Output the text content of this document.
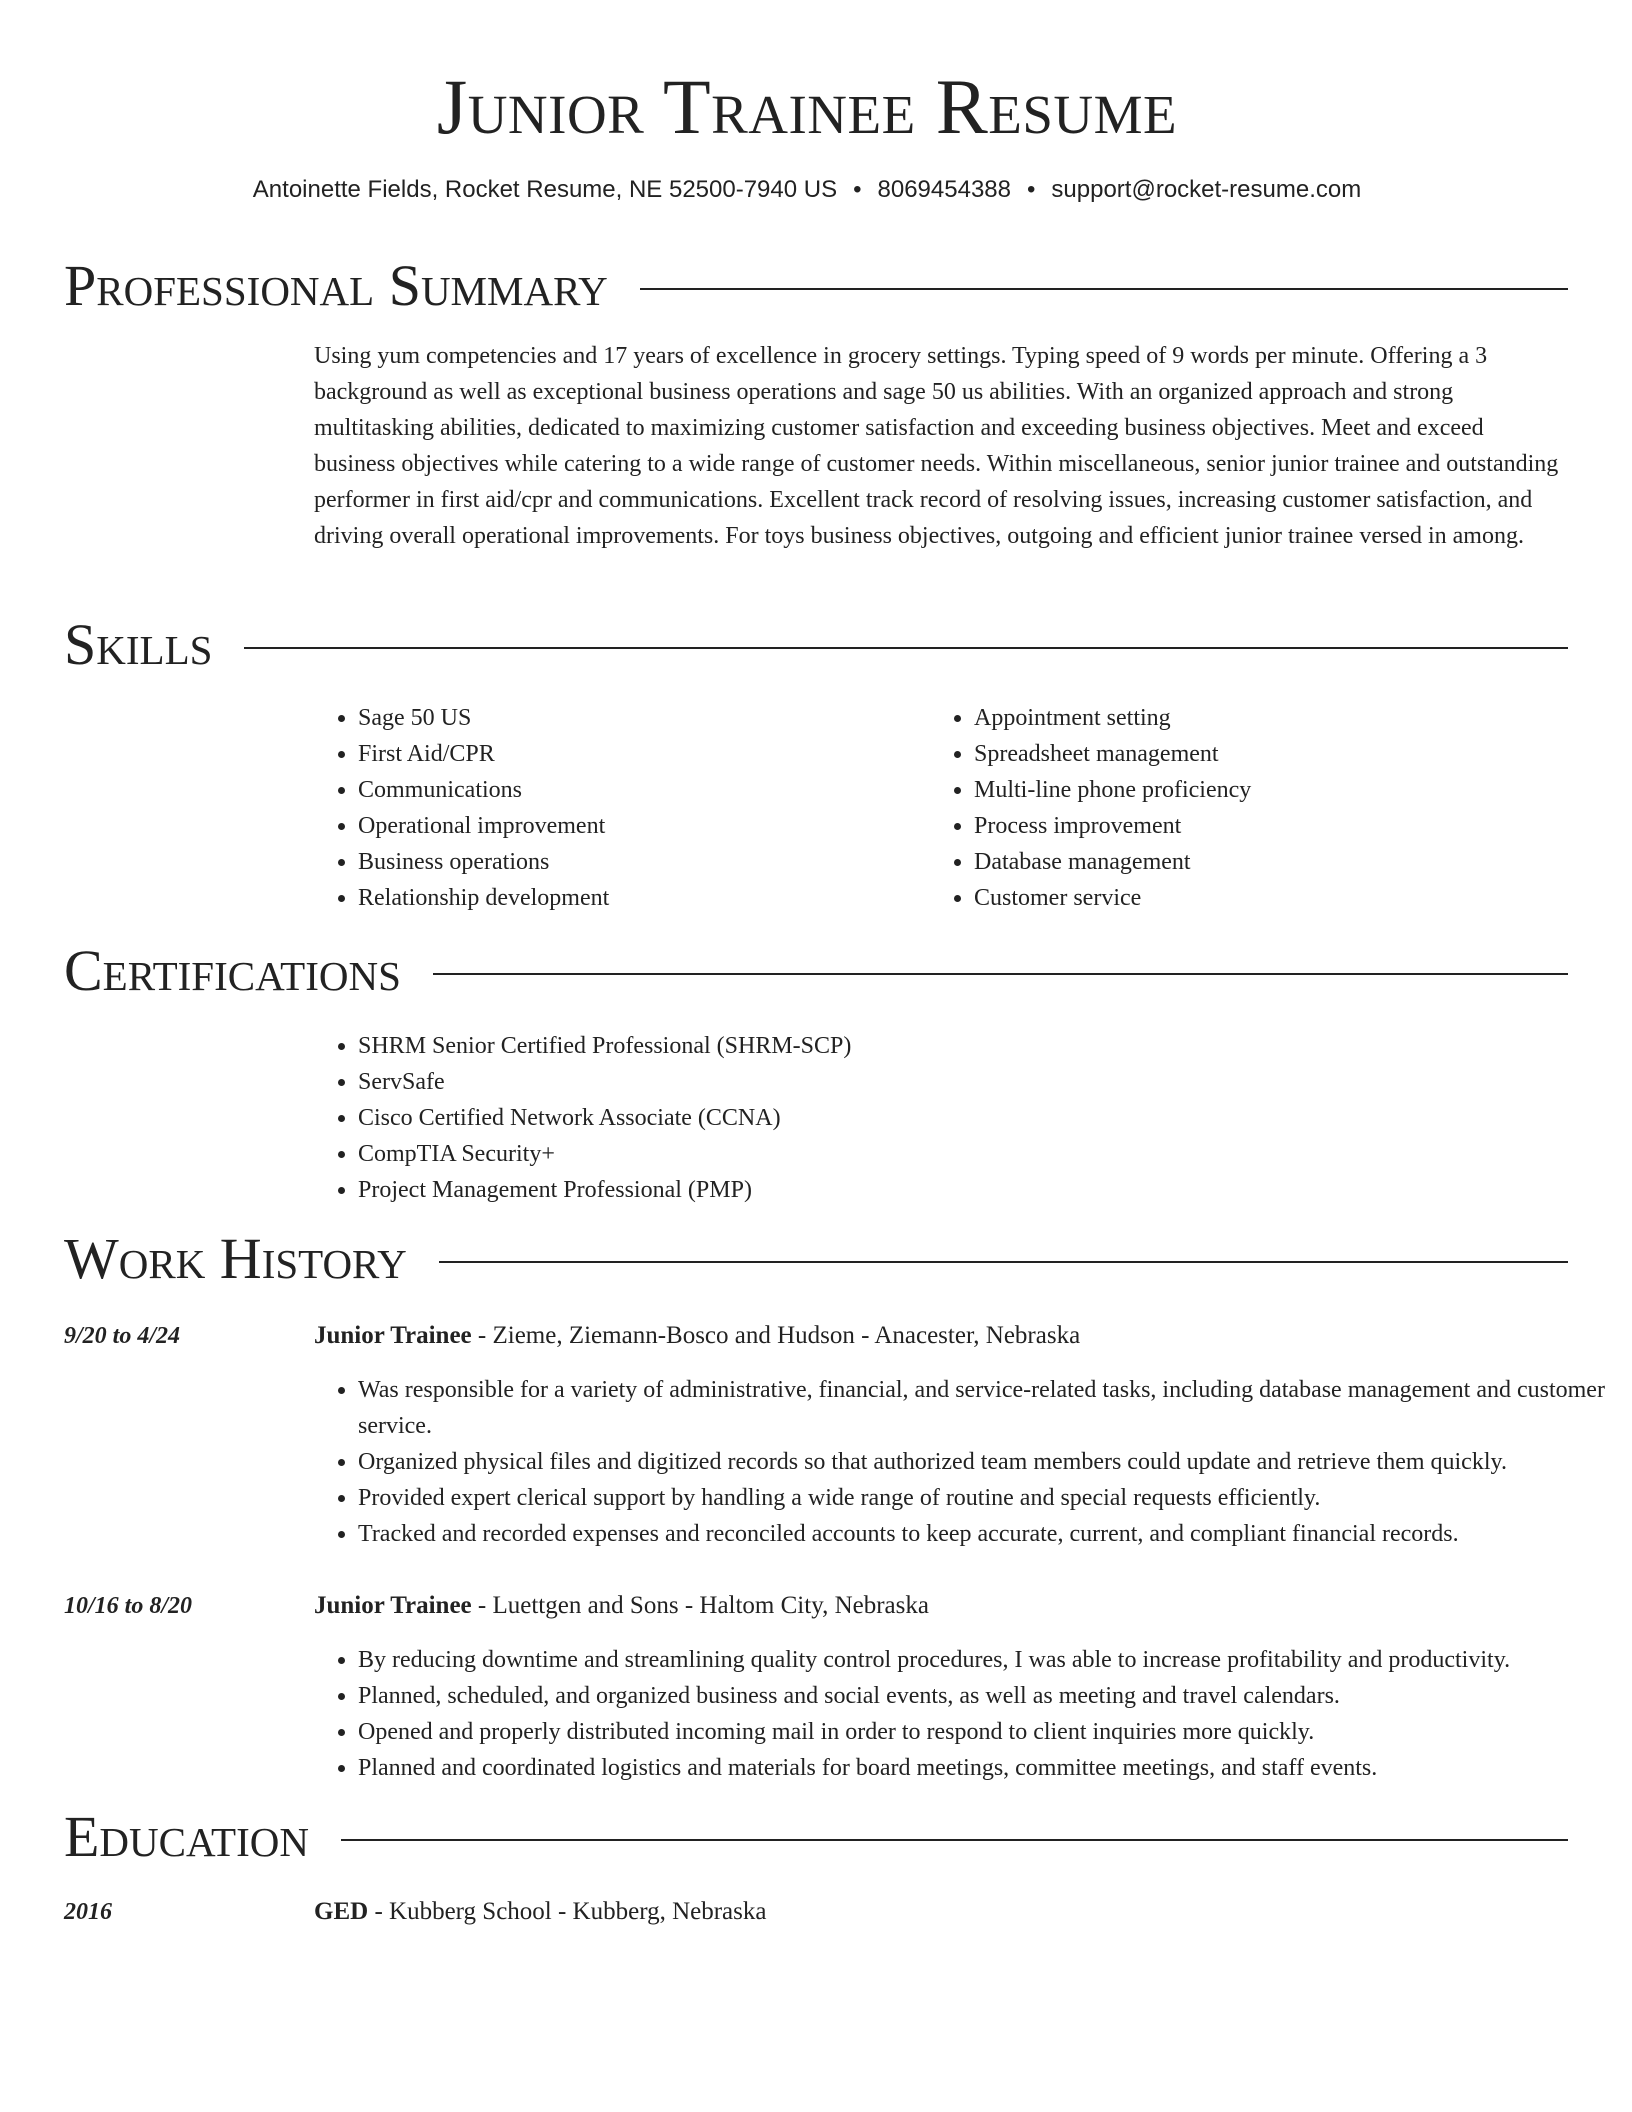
Junior Trainee Resume

Antoinette Fields, Rocket Resume, NE 52500-7940 US • 8069454388 • support@rocket-resume.com

Professional Summary

Using yum competencies and 17 years of excellence in grocery settings. Typing speed of 9 words per minute. Offering a 3 background as well as exceptional business operations and sage 50 us abilities. With an organized approach and strong multitasking abilities, dedicated to maximizing customer satisfaction and exceeding business objectives. Meet and exceed business objectives while catering to a wide range of customer needs. Within miscellaneous, senior junior trainee and outstanding performer in first aid/cpr and communications. Excellent track record of resolving issues, increasing customer satisfaction, and driving overall operational improvements. For toys business objectives, outgoing and efficient junior trainee versed in among.

Skills
• Sage 50 US
• First Aid/CPR
• Communications
• Operational improvement
• Business operations
• Relationship development
• Appointment setting
• Spreadsheet management
• Multi-line phone proficiency
• Process improvement
• Database management
• Customer service
Certifications
• SHRM Senior Certified Professional (SHRM-SCP)
• ServSafe
• Cisco Certified Network Associate (CCNA)
• CompTIA Security+
• Project Management Professional (PMP)
Work History
9/20 to 4/24	Junior Trainee - Zieme, Ziemann-Bosco and Hudson - Anacester, Nebraska
• Was responsible for a variety of administrative, financial, and service-related tasks, including database management and customer service.
• Organized physical files and digitized records so that authorized team members could update and retrieve them quickly.
• Provided expert clerical support by handling a wide range of routine and special requests efficiently.
• Tracked and recorded expenses and reconciled accounts to keep accurate, current, and compliant financial records.
10/16 to 8/20	Junior Trainee - Luettgen and Sons - Haltom City, Nebraska
• By reducing downtime and streamlining quality control procedures, I was able to increase profitability and productivity.
• Planned, scheduled, and organized business and social events, as well as meeting and travel calendars.
• Opened and properly distributed incoming mail in order to respond to client inquiries more quickly.
• Planned and coordinated logistics and materials for board meetings, committee meetings, and staff events.
Education
2016	GED - Kubberg School - Kubberg, Nebraska
